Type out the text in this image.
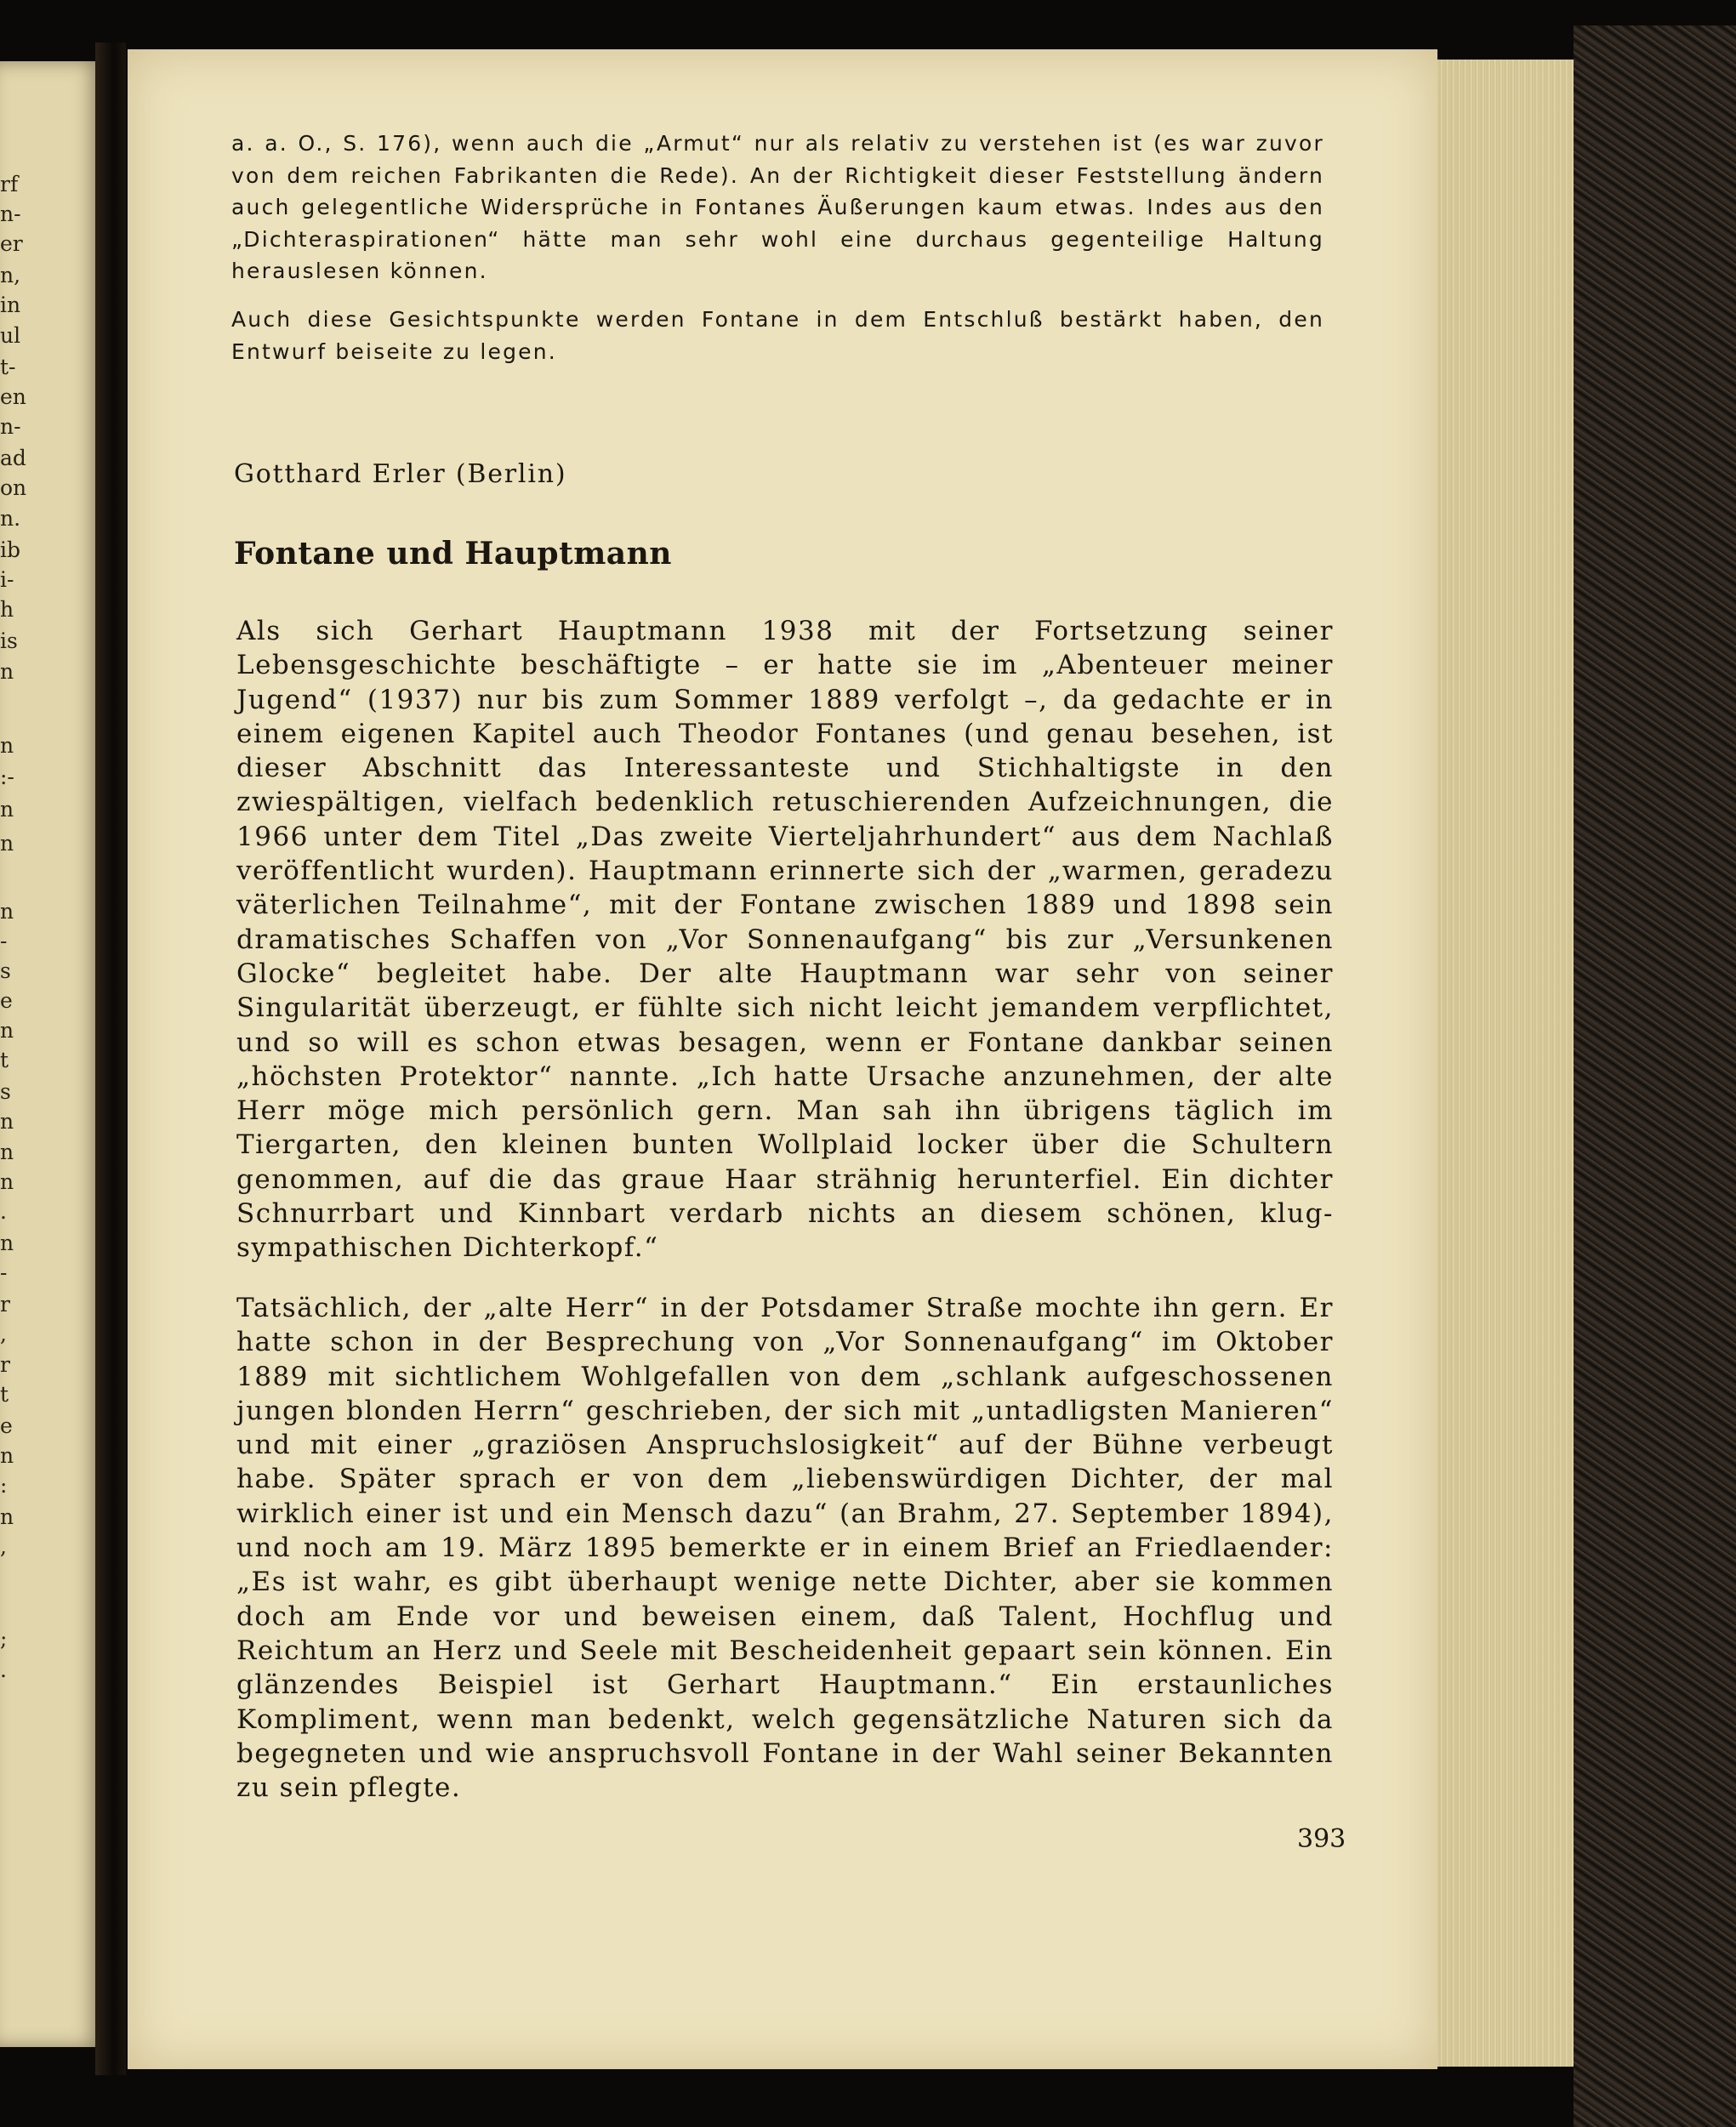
rf
n-
er
n,
in
ul
t-
en
n-
ad
on
n.
ib
i-
h
is
n
n
:-
n
n
n
-
s
e
n
t
s
n
n
n
.
n
-
r
,
r
t
e
n
:
n
,
;
.

a. a. O., S. 176), wenn auch die „Armut“ nur als relativ zu verstehen ist (es war zuvor von dem reichen Fabrikanten die Rede). An der Richtigkeit dieser Feststellung ändern auch gelegentliche Widersprüche in Fontanes Äußerungen kaum etwas. Indes aus den „Dichteraspirationen“ hätte man sehr wohl eine durchaus gegenteilige Haltung herauslesen können.

Auch diese Gesichtspunkte werden Fontane in dem Entschluß bestärkt haben, den Entwurf beiseite zu legen.

Gotthard Erler (Berlin)
Fontane und Hauptmann

Als sich Gerhart Hauptmann 1938 mit der Fortsetzung seiner Lebensgeschichte beschäftigte – er hatte sie im „Abenteuer meiner Jugend“ (1937) nur bis zum Sommer 1889 verfolgt –, da gedachte er in einem eigenen Kapitel auch Theodor Fontanes (und genau besehen, ist dieser Abschnitt das Interessanteste und Stichhaltigste in den zwiespältigen, vielfach bedenklich retuschierenden Aufzeichnungen, die 1966 unter dem Titel „Das zweite Vierteljahrhundert“ aus dem Nachlaß veröffentlicht wurden). Hauptmann erinnerte sich der „warmen, geradezu väterlichen Teilnahme“, mit der Fontane zwischen 1889 und 1898 sein dramatisches Schaffen von „Vor Sonnenaufgang“ bis zur „Versunkenen Glocke“ begleitet habe. Der alte Hauptmann war sehr von seiner Singularität überzeugt, er fühlte sich nicht leicht jemandem verpflichtet, und so will es schon etwas besagen, wenn er Fontane dankbar seinen „höchsten Protektor“ nannte. „Ich hatte Ursache anzunehmen, der alte Herr möge mich persönlich gern. Man sah ihn übrigens täglich im Tiergarten, den kleinen bunten Wollplaid locker über die Schultern genommen, auf die das graue Haar strähnig herunterfiel. Ein dichter Schnurrbart und Kinnbart verdarb nichts an diesem schönen, klug-sympathischen Dichterkopf.“

Tatsächlich, der „alte Herr“ in der Potsdamer Straße mochte ihn gern. Er hatte schon in der Besprechung von „Vor Sonnenaufgang“ im Oktober 1889 mit sichtlichem Wohlgefallen von dem „schlank aufgeschossenen jungen blonden Herrn“ geschrieben, der sich mit „untadligsten Manieren“ und mit einer „graziösen Anspruchslosigkeit“ auf der Bühne verbeugt habe. Später sprach er von dem „liebenswürdigen Dichter, der mal wirklich einer ist und ein Mensch dazu“ (an Brahm, 27. September 1894), und noch am 19. März 1895 bemerkte er in einem Brief an Friedlaender: „Es ist wahr, es gibt überhaupt wenige nette Dichter, aber sie kommen doch am Ende vor und beweisen einem, daß Talent, Hochflug und Reichtum an Herz und Seele mit Bescheidenheit gepaart sein können. Ein glänzendes Beispiel ist Gerhart Hauptmann.“ Ein erstaunliches Kompliment, wenn man bedenkt, welch gegensätzliche Naturen sich da begegneten und wie anspruchsvoll Fontane in der Wahl seiner Bekannten zu sein pflegte.

393
